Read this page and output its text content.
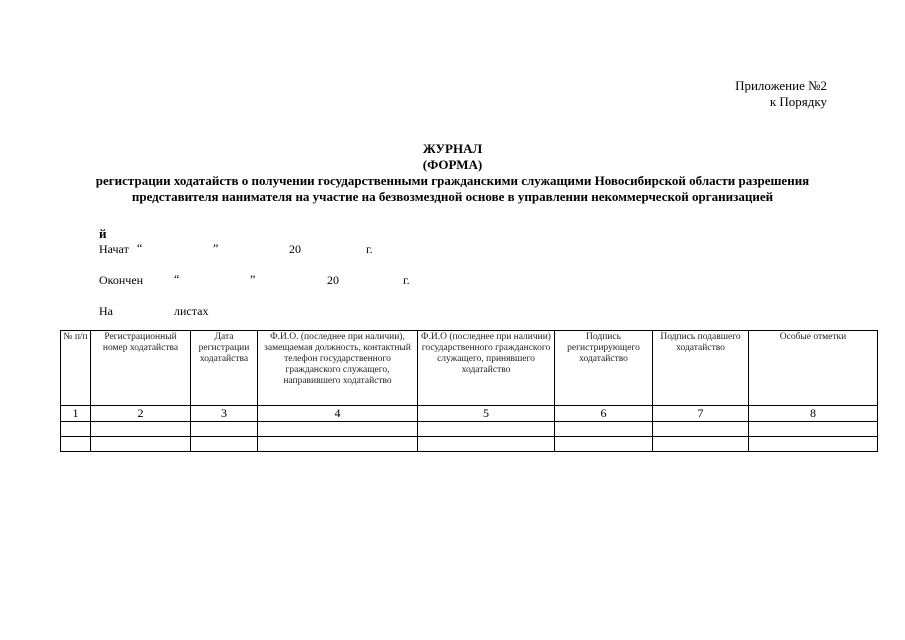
Приложение №2
к Порядку
ЖУРНАЛ
(ФОРМА)
регистрации ходатайств о получении государственными гражданскими служащими Новосибирской области разрешения представителя нанимателя на участие на безвозмездной основе в управлении некоммерческой организацией
й
Начат “	”	20	г.
Окончен	“	”	20	г.
На	листах
№ п/п	Регистрационный номер ходатайства	Дата регистрации ходатайства	Ф.И.О. (последнее при наличии), замещаемая должность, контактный телефон государственного гражданского служащего, направившего ходатайство	Ф.И.О (последнее при наличии) государственного гражданского служащего, принявшего ходатайство	Подпись регистрирующего ходатайство	Подпись подавшего ходатайство	Особые отметки
1	2	3	4	5	6	7	8
